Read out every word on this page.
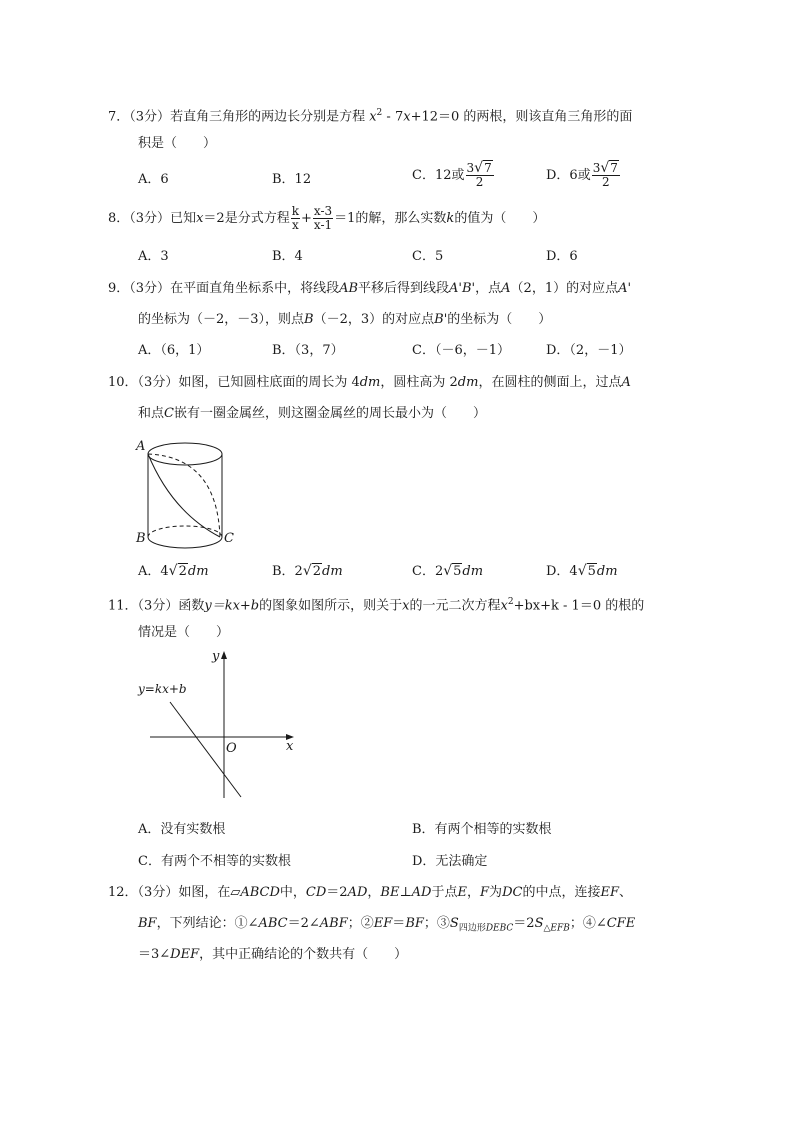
7．（3分）若直角三角形的两边长分别是方程 $x^2 - 7x+12=0$ 的两根，则该直角三角形的面
积是（　　）
A．6	B．12	C．12或 $\frac{3√7}{2}$	D．6或 $\frac{3√7}{2}$
8．（3分）已知x＝2是分式方程 $\frac{k}{x} + \frac{x-3}{x-1} =1$的解，那么实数k的值为（　　）
A．3	B．4	C．5	D．6
9．（3分）在平面直角坐标系中，将线段AB平移后得到线段A'B'，点A（2，1）的对应点A'
的坐标为（－2，－3），则点B（－2，3）的对应点B'的坐标为（　　）
A．（6，1）	B．（3，7）	C．（－6，－1）	D．（2，－1）
10．（3分）如图，已知圆柱底面的周长为 4dm，圆柱高为 2dm，在圆柱的侧面上，过点A
和点C嵌有一圈金属丝，则这圈金属丝的周长最小为（　　）
A
B	C
A．4√2dm	B．2√2dm	C．2√5dm	D．4√5dm
11．（3分）函数y＝kx+b的图象如图所示，则关于x的一元二次方程$x^2+bx+k - 1=0$ 的根的
情况是（　　）
y
x
O
y=kx+b
A．没有实数根	B．有两个相等的实数根
C．有两个不相等的实数根	D．无法确定
12．（3分）如图，在▱ABCD中，CD＝2AD，BE⊥AD于点E，F为DC的中点，连接EF、
BF，下列结论：①∠ABC＝2∠ABF；②EF＝BF；$③S_{四边形DEBC}=2S_{\triangle EFB}$；④∠CFE
＝3∠DEF，其中正确结论的个数共有（　　）
